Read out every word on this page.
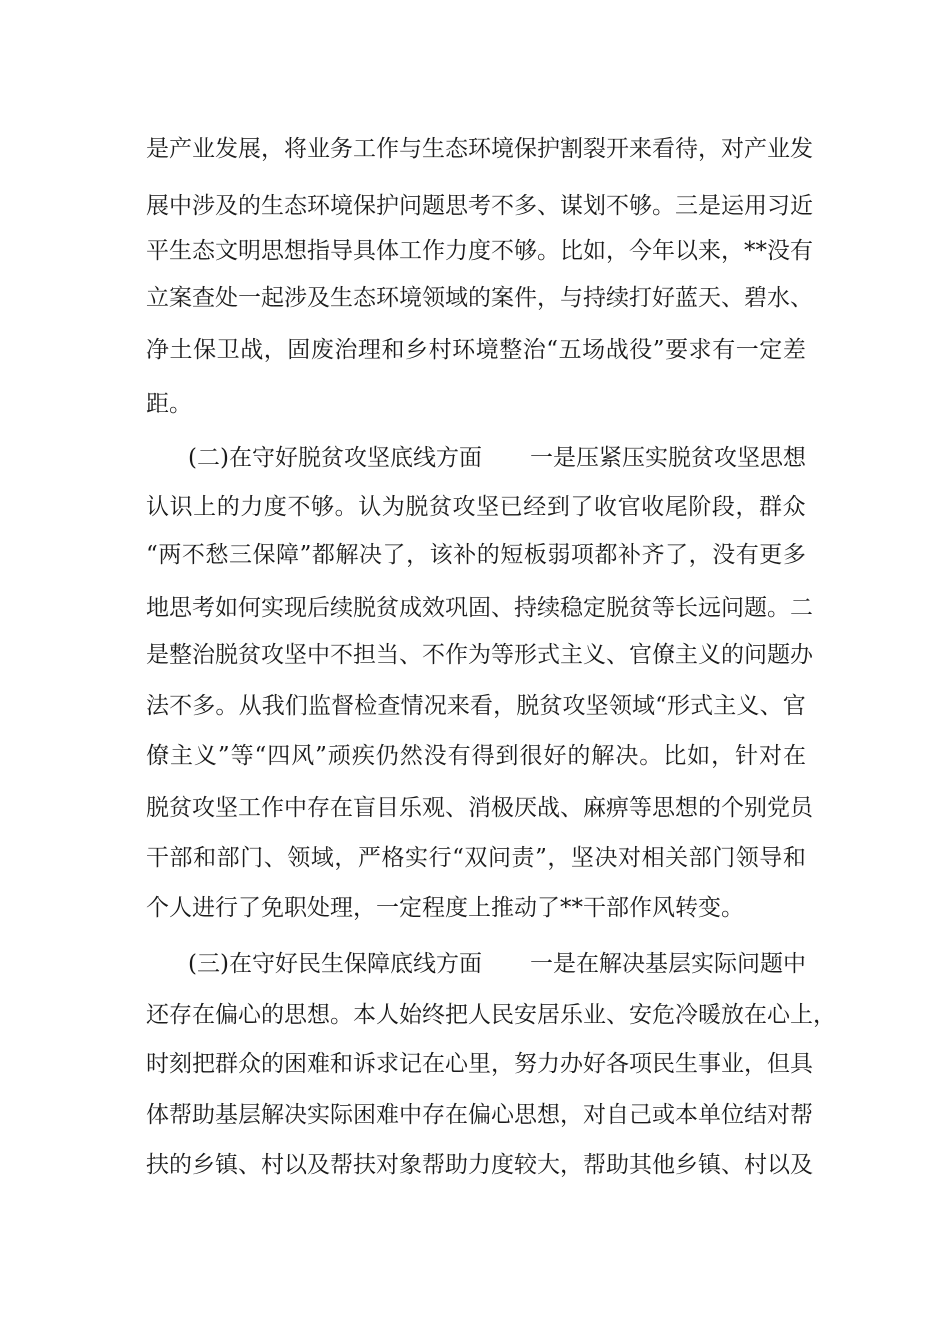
是 产 业 发 展 ， 将 业 务 工 作 与 生 态 环 境 保 护 割 裂 开 来 看 待 ， 对 产 业 发
展 中 涉 及 的 生 态 环 境 保 护 问 题 思 考 不 多 、 谋 划 不 够 。 三 是 运 用 习 近
平 生 态 文 明 思 想 指 导 具 体 工 作 力 度 不 够 。 比 如 ， 今 年 以 来 ， * * 没 有
立 案 查 处 一 起 涉 及 生 态 环 境 领 域 的 案 件 ， 与 持 续 打 好 蓝 天 、 碧 水 、
净 土 保 卫 战 ， 固 废 治 理 和 乡 村 环 境 整 治 “ 五 场 战 役 ” 要 求 有 一 定 差
距。
(二)在守好脱贫攻坚底线方面 一是压紧压实脱贫攻坚思想
认 识 上 的 力 度 不 够 。 认 为 脱 贫 攻 坚 已 经 到 了 收 官 收 尾 阶 段 ， 群 众
“ 两 不 愁 三 保 障 ” 都 解 决 了 ， 该 补 的 短 板 弱 项 都 补 齐 了 ， 没 有 更 多
地 思 考 如 何 实 现 后 续 脱 贫 成 效 巩 固 、 持 续 稳 定 脱 贫 等 长 远 问 题 。 二
是 整 治 脱 贫 攻 坚 中 不 担 当 、 不 作 为 等 形 式 主 义 、 官 僚 主 义 的 问 题 办
法 不 多 。 从 我 们 监 督 检 查 情 况 来 看 ， 脱 贫 攻 坚 领 域 “ 形 式 主 义 、 官
僚 主 义 ” 等 “ 四 风 ” 顽 疾 仍 然 没 有 得 到 很 好 的 解 决 。 比 如 ， 针 对 在
脱 贫 攻 坚 工 作 中 存 在 盲 目 乐 观 、 消 极 厌 战 、 麻 痹 等 思 想 的 个 别 党 员
干 部 和 部 门 、 领 域 ， 严 格 实 行 “ 双 问 责 ” ， 坚 决 对 相 关 部 门 领 导 和
个人进行了免职处理，一定程度上推动了**干部作风转变。
(三)在守好民生保障底线方面 一是在解决基层实际问题中
还 存 在 偏 心 的 思 想 。 本 人 始 终 把 人 民 安 居 乐 业 、 安 危 冷 暖 放 在 心 上 ，
时 刻 把 群 众 的 困 难 和 诉 求 记 在 心 里 ， 努 力 办 好 各 项 民 生 事 业 ， 但 具
体 帮 助 基 层 解 决 实 际 困 难 中 存 在 偏 心 思 想 ， 对 自 己 或 本 单 位 结 对 帮
扶 的 乡 镇 、 村 以 及 帮 扶 对 象 帮 助 力 度 较 大 ， 帮 助 其 他 乡 镇 、 村 以 及
